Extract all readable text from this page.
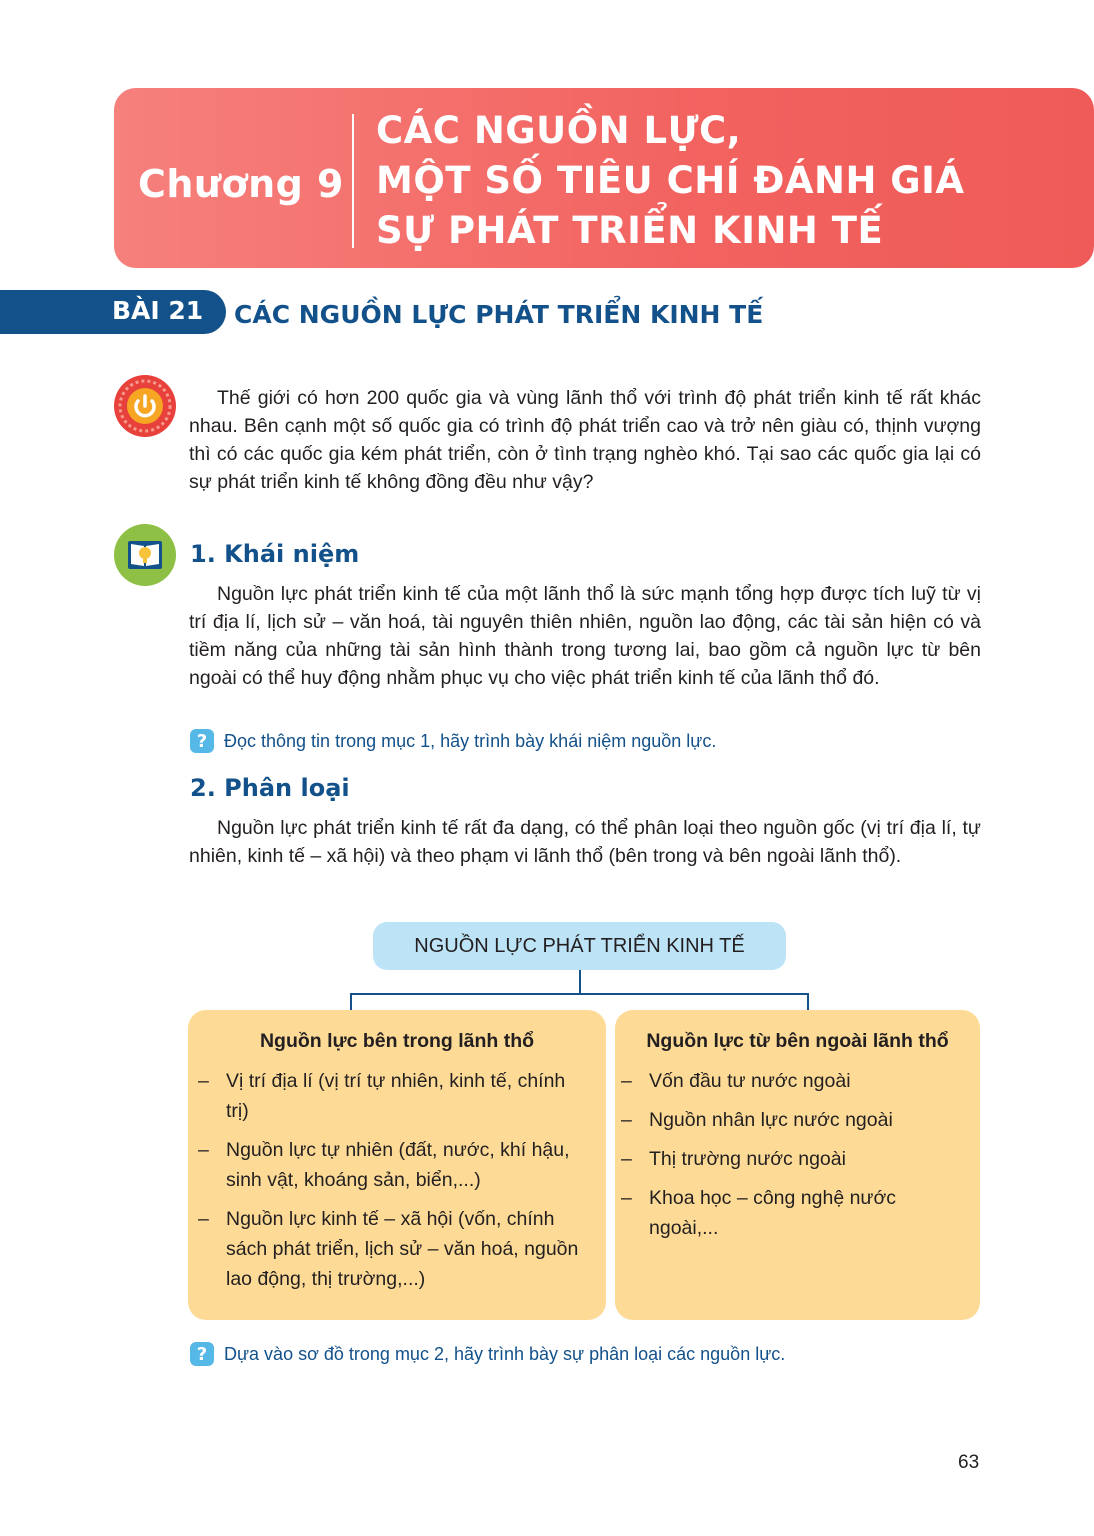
Chương 9
CÁC NGUỒN LỰC,
MỘT SỐ TIÊU CHÍ ĐÁNH GIÁ
SỰ PHÁT TRIỂN KINH TẾ
BÀI 21 CÁC NGUỒN LỰC PHÁT TRIỂN KINH TẾ

Thế giới có hơn 200 quốc gia và vùng lãnh thổ với trình độ phát triển kinh tế rất khác nhau. Bên cạnh một số quốc gia có trình độ phát triển cao và trở nên giàu có, thịnh vượng thì có các quốc gia kém phát triển, còn ở tình trạng nghèo khó. Tại sao các quốc gia lại có sự phát triển kinh tế không đồng đều như vậy?

1. Khái niệm

Nguồn lực phát triển kinh tế của một lãnh thổ là sức mạnh tổng hợp được tích luỹ từ vị trí địa lí, lịch sử – văn hoá, tài nguyên thiên nhiên, nguồn lao động, các tài sản hiện có và tiềm năng của những tài sản hình thành trong tương lai, bao gồm cả nguồn lực từ bên ngoài có thể huy động nhằm phục vụ cho việc phát triển kinh tế của lãnh thổ đó.

? Đọc thông tin trong mục 1, hãy trình bày khái niệm nguồn lực.
2. Phân loại

Nguồn lực phát triển kinh tế rất đa dạng, có thể phân loại theo nguồn gốc (vị trí địa lí, tự nhiên, kinh tế – xã hội) và theo phạm vi lãnh thổ (bên trong và bên ngoài lãnh thổ).

NGUỒN LỰC PHÁT TRIỂN KINH TẾ
Nguồn lực bên trong lãnh thổ
– Vị trí địa lí (vị trí tự nhiên, kinh tế, chính trị)
– Nguồn lực tự nhiên (đất, nước, khí hậu, sinh vật, khoáng sản, biển,...)
– Nguồn lực kinh tế – xã hội (vốn, chính sách phát triển, lịch sử – văn hoá, nguồn lao động, thị trường,...)
Nguồn lực từ bên ngoài lãnh thổ
– Vốn đầu tư nước ngoài
– Nguồn nhân lực nước ngoài
– Thị trường nước ngoài
– Khoa học – công nghệ nước ngoài,...
? Dựa vào sơ đồ trong mục 2, hãy trình bày sự phân loại các nguồn lực.
63
